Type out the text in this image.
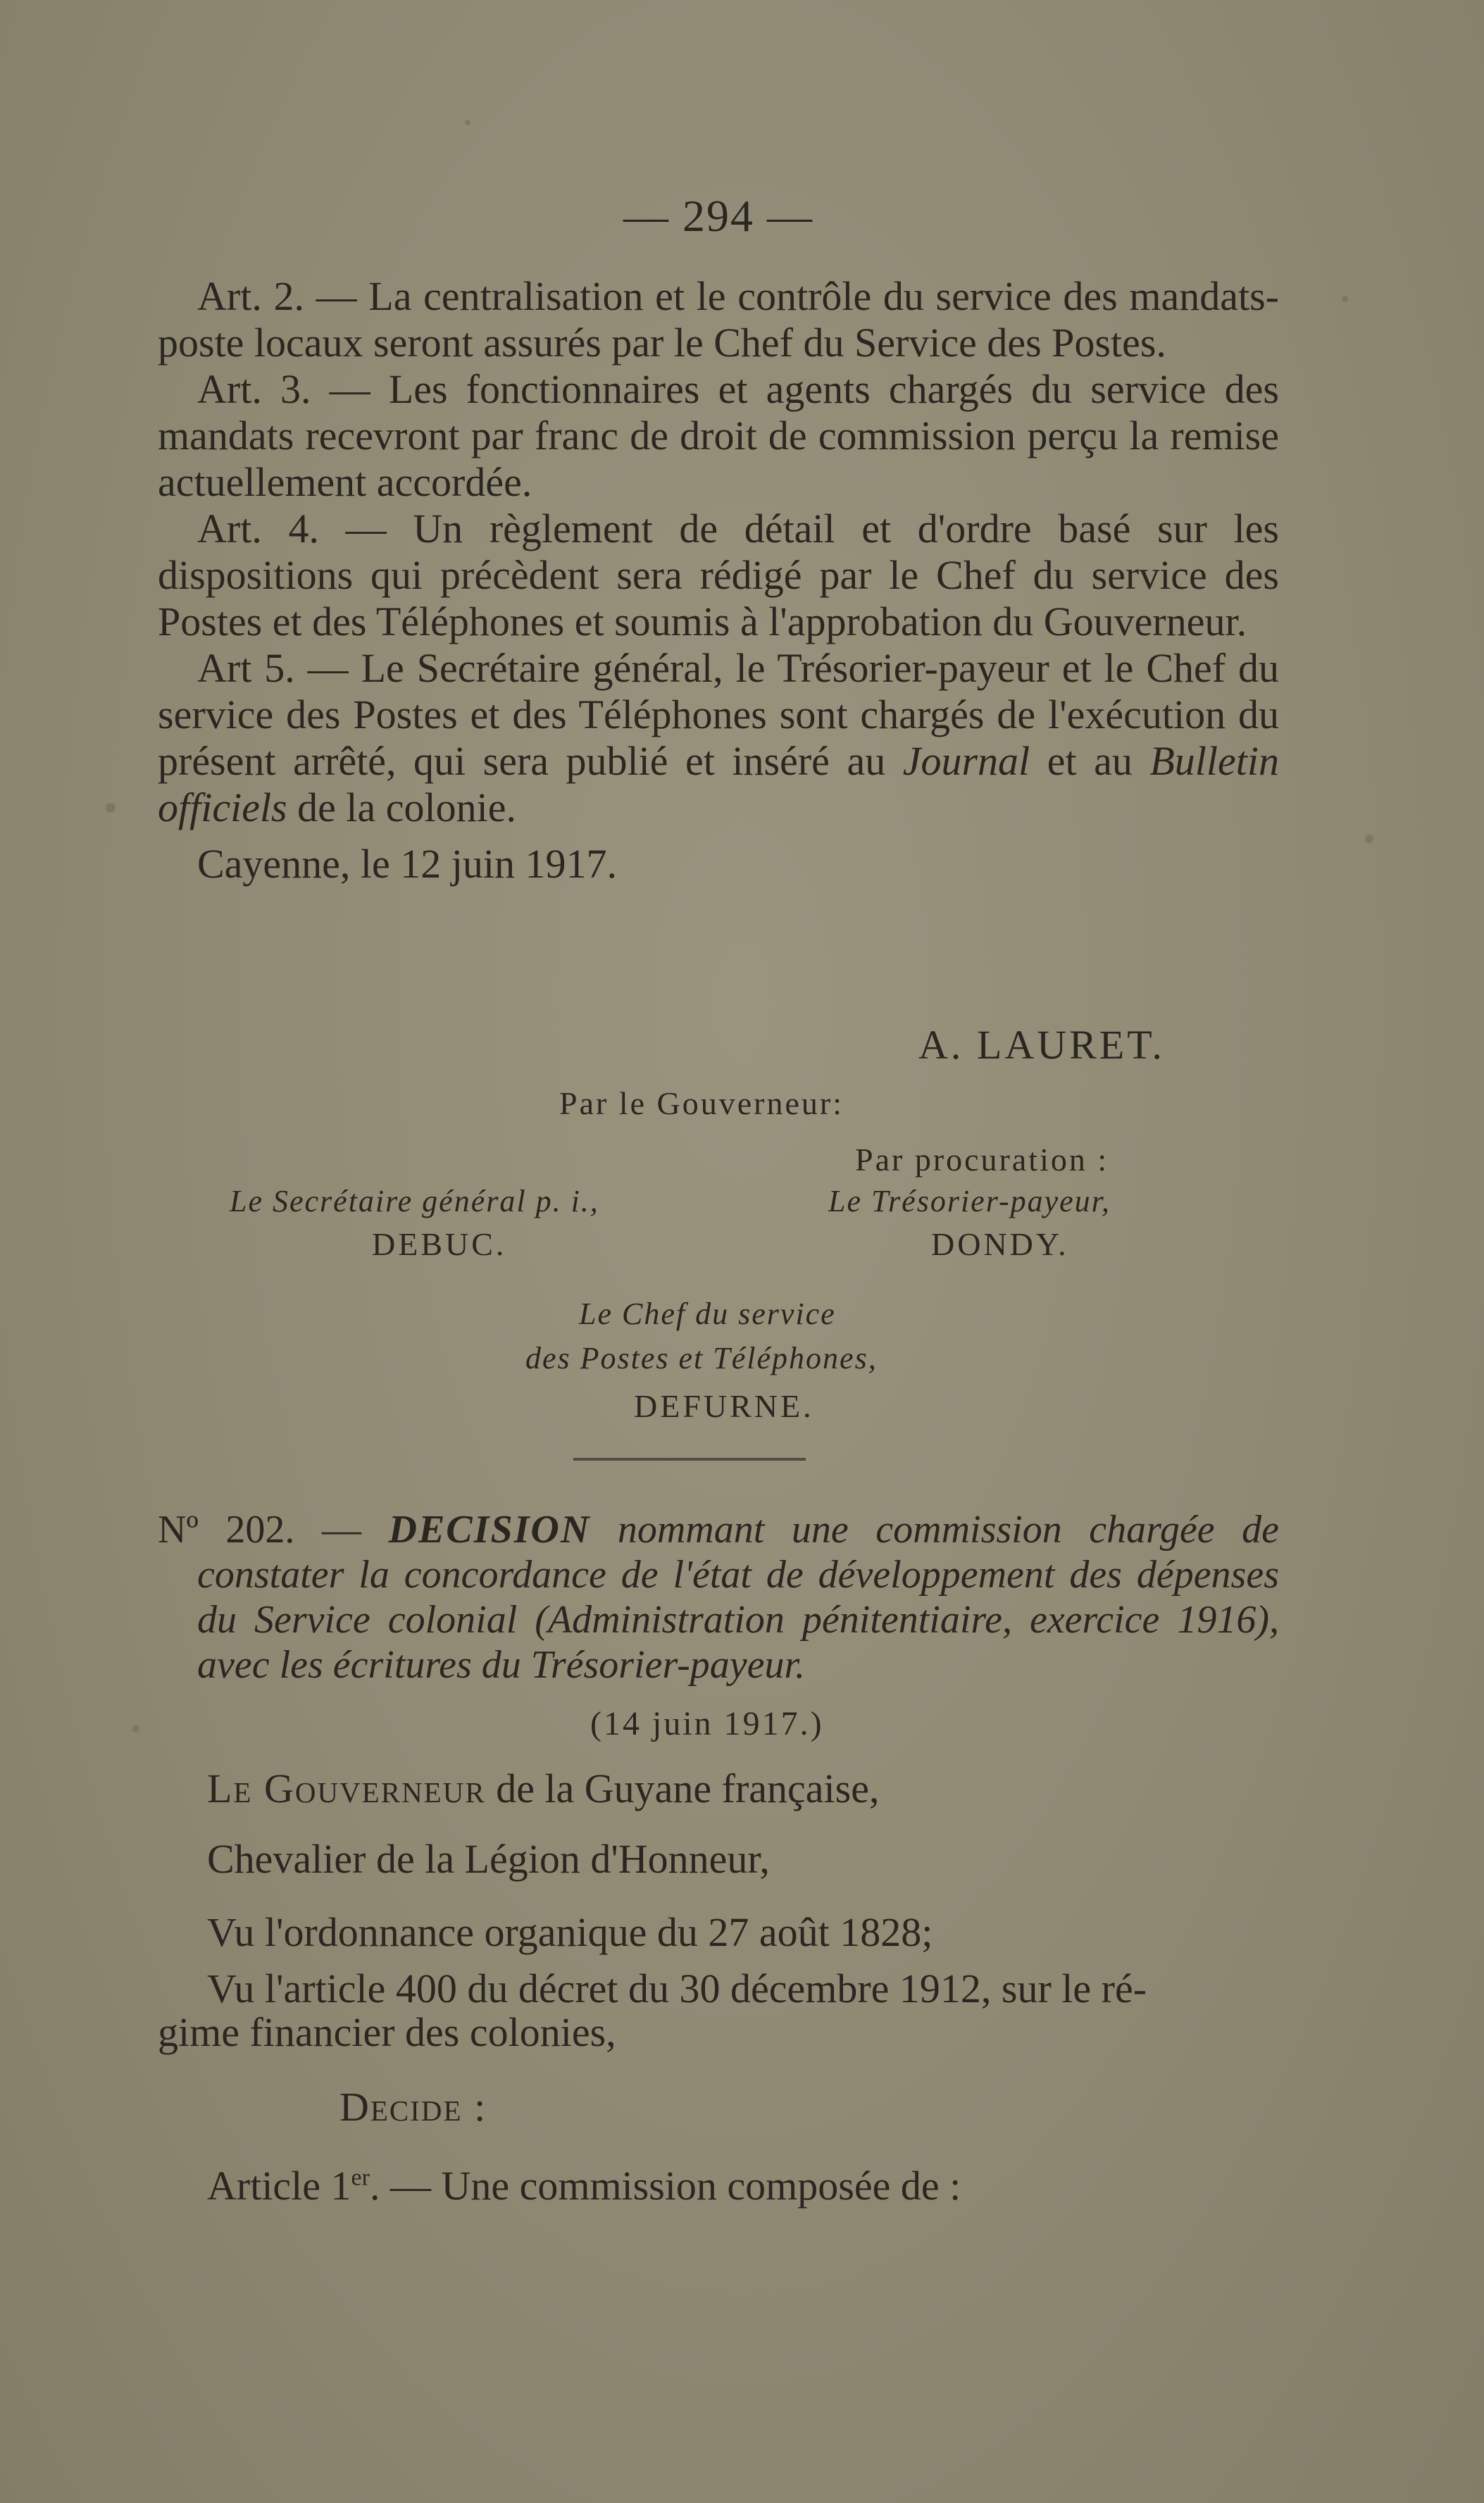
— 294 —

Art. 2. — La centralisation et le contrôle du service des mandats-poste locaux seront assurés par le Chef du Service des Postes.

Art. 3. — Les fonctionnaires et agents chargés du service des mandats recevront par franc de droit de commission perçu la remise actuellement accordée.

Art. 4. — Un règlement de détail et d'ordre basé sur les dispositions qui précèdent sera rédigé par le Chef du service des Postes et des Téléphones et soumis à l'approbation du Gouverneur.

Art 5. — Le Secrétaire général, le Trésorier-payeur et le Chef du service des Postes et des Téléphones sont chargés de l'exécution du présent arrêté, qui sera publié et inséré au Journal et au Bulletin officiels de la colonie.

Cayenne, le 12 juin 1917.

A. LAURET.
Par le Gouverneur:
Par procuration :
Le Secrétaire général p. i.,
DEBUC.
Le Trésorier-payeur,
DONDY.
Le Chef du service
des Postes et Téléphones,
DEFURNE.

Nº 202. — DECISION nommant une commission chargée de constater la concordance de l'état de développement des dépenses du Service colonial (Administration pénitentiaire, exercice 1916), avec les écritures du Trésorier-payeur.

(14 juin 1917.)
Le Gouverneur de la Guyane française,
Chevalier de la Légion d'Honneur,
Vu l'ordonnance organique du 27 août 1828;
Vu l'article 400 du décret du 30 décembre 1912, sur le ré-
gime financier des colonies,
Decide :
Article 1er. — Une commission composée de :
